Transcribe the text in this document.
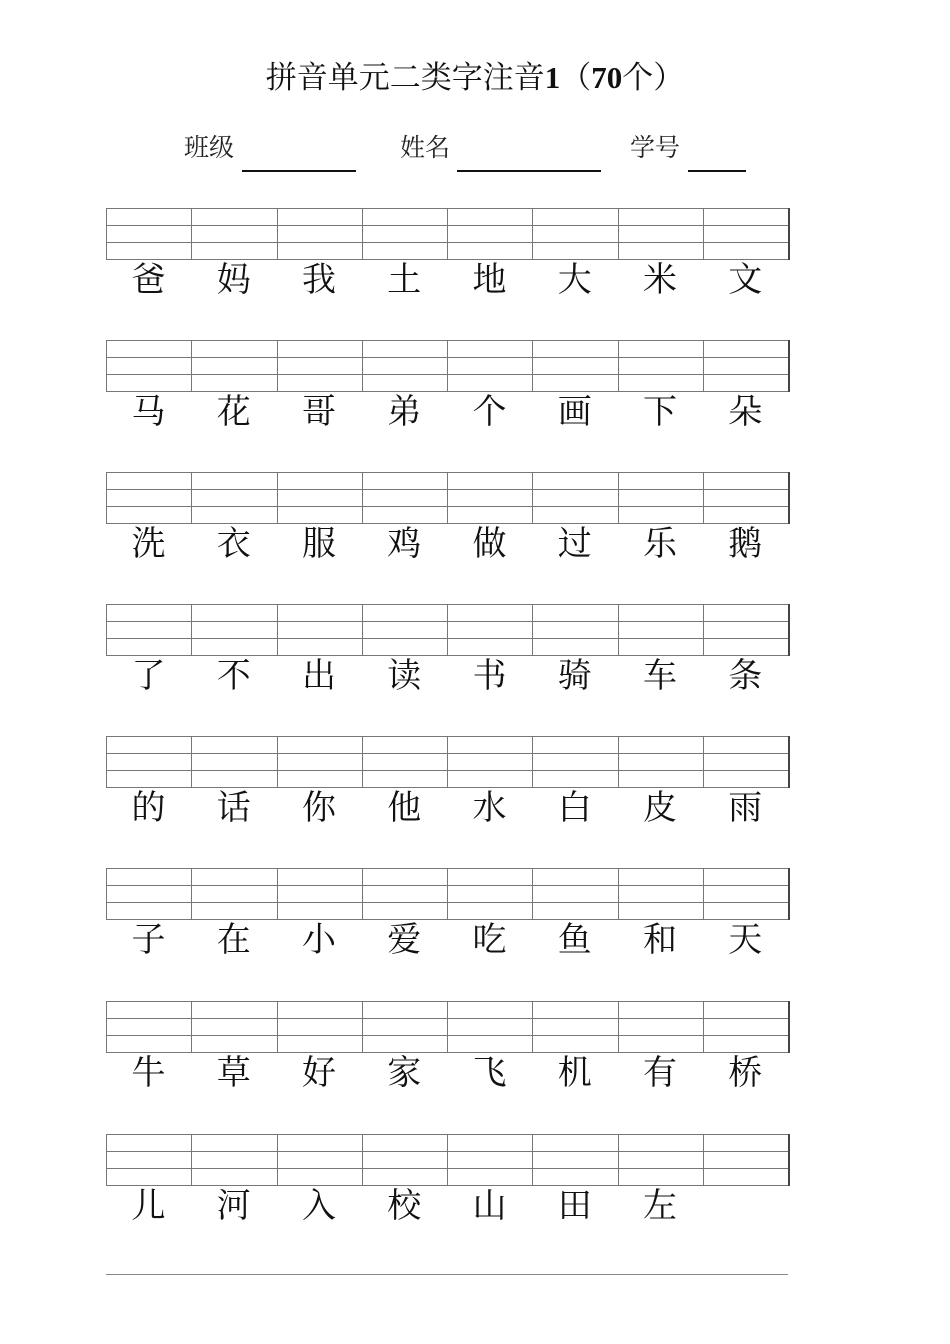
拼音单元二类字注音1（70个）
班级	姓名	学号
爸	妈	我	土	地	大	米	文
马	花	哥	弟	个	画	下	朵
洗	衣	服	鸡	做	过	乐	鹅
了	不	出	读	书	骑	车	条
的	话	你	他	水	白	皮	雨
子	在	小	爱	吃	鱼	和	天
牛	草	好	家	飞	机	有	桥
儿	河	入	校	山	田	左
